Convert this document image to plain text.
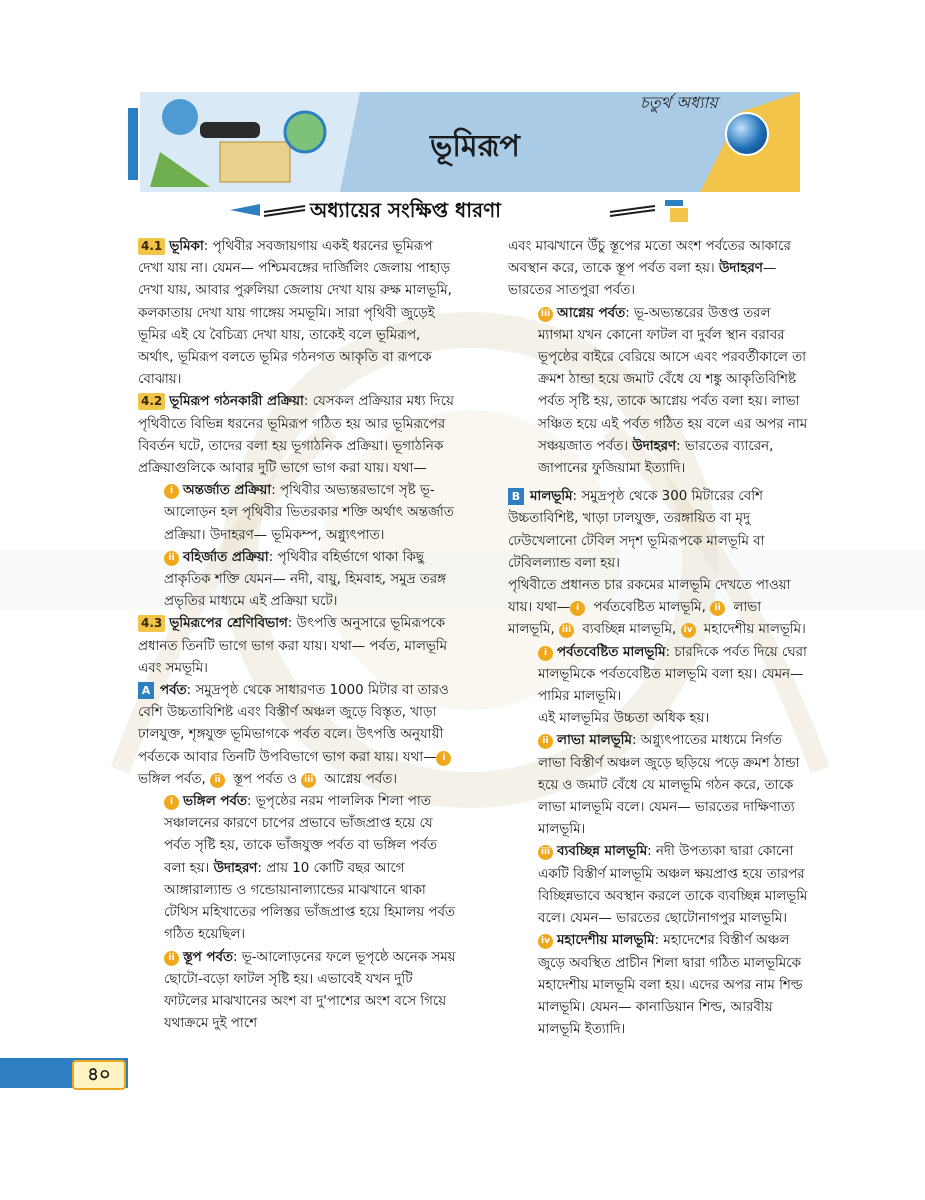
চতুর্থ অধ্যায়
ভূমিরূপ
অধ্যায়ের সংক্ষিপ্ত ধারণা

4.1 ভূমিকা: পৃথিবীর সবজায়গায় একই ধরনের ভূমিরূপ দেখা যায় না। যেমন— পশ্চিমবঙ্গের দার্জিলিং জেলায় পাহাড় দেখা যায়, আবার পুরুলিয়া জেলায় দেখা যায় রুক্ষ মালভূমি, কলকাতায় দেখা যায় গাঙ্গেয় সমভূমি। সারা পৃথিবী জুড়েই ভূমির এই যে বৈচিত্র্য দেখা যায়, তাকেই বলে ভূমিরূপ, অর্থাৎ, ভূমিরূপ বলতে ভূমির গঠনগত আকৃতি বা রূপকে বোঝায়।

4.2 ভূমিরূপ গঠনকারী প্রক্রিয়া: যেসকল প্রক্রিয়ার মধ্য দিয়ে পৃথিবীতে বিভিন্ন ধরনের ভূমিরূপ গঠিত হয় আর ভূমিরূপের বিবর্তন ঘটে, তাদের বলা হয় ভূগাঠনিক প্রক্রিয়া। ভূগাঠনিক প্রক্রিয়াগুলিকে আবার দুটি ভাগে ভাগ করা যায়। যথা—

i অন্তর্জাত প্রক্রিয়া: পৃথিবীর অভ্যন্তরভাগে সৃষ্ট ভূ-আলোড়ন হল পৃথিবীর ভিতরকার শক্তি অর্থাৎ অন্তর্জাত প্রক্রিয়া। উদাহরণ— ভূমিকম্প, অগ্ন্যুৎপাত।

ii বহির্জাত প্রক্রিয়া: পৃথিবীর বহির্ভাগে থাকা কিছু প্রাকৃতিক শক্তি যেমন— নদী, বায়ু, হিমবাহ, সমুদ্র তরঙ্গ প্রভৃতির মাধ্যমে এই প্রক্রিয়া ঘটে।

4.3 ভূমিরূপের শ্রেণিবিভাগ: উৎপত্তি অনুসারে ভূমিরূপকে প্রধানত তিনটি ভাগে ভাগ করা যায়। যথা— পর্বত, মালভূমি এবং সমভূমি।

A পর্বত: সমুদ্রপৃষ্ঠ থেকে সাধারণত 1000 মিটার বা তারও বেশি উচ্চতাবিশিষ্ট এবং বিস্তীর্ণ অঞ্চল জুড়ে বিস্তৃত, খাড়া ঢালযুক্ত, শৃঙ্গযুক্ত ভূমিভাগকে পর্বত বলে। উৎপত্তি অনুযায়ী পর্বতকে আবার তিনটি উপবিভাগে ভাগ করা যায়। যথা— i ভঙ্গিল পর্বত, ii স্তূপ পর্বত ও iii আগ্নেয় পর্বত।

i ভঙ্গিল পর্বত: ভূপৃষ্ঠের নরম পাললিক শিলা পাত সঞ্চালনের কারণে চাপের প্রভাবে ভাঁজপ্রাপ্ত হয়ে যে পর্বত সৃষ্টি হয়, তাকে ভাঁজযুক্ত পর্বত বা ভঙ্গিল পর্বত বলা হয়। উদাহরণ: প্রায় 10 কোটি বছর আগে আঙ্গারাল্যান্ড ও গন্ডোয়ানাল্যান্ডের মাঝখানে থাকা টেথিস মহিখাতের পলিস্তর ভাঁজপ্রাপ্ত হয়ে হিমালয় পর্বত গঠিত হয়েছিল।

ii স্তূপ পর্বত: ভূ-আলোড়নের ফলে ভূপৃষ্ঠে অনেক সময় ছোটো-বড়ো ফাটল সৃষ্টি হয়। এভাবেই যখন দুটি ফাটলের মাঝখানের অংশ বা দু'পাশের অংশ বসে গিয়ে যথাক্রমে দুই পাশে

এবং মাঝখানে উঁচু স্তূপের মতো অংশ পর্বতের আকারে অবস্থান করে, তাকে স্তূপ পর্বত বলা হয়। উদাহরণ— ভারতের সাতপুরা পর্বত।

iii আগ্নেয় পর্বত: ভূ-অভ্যন্তরের উত্তপ্ত তরল ম্যাগমা যখন কোনো ফাটল বা দুর্বল স্থান বরাবর ভূপৃষ্ঠের বাইরে বেরিয়ে আসে এবং পরবর্তীকালে তা ক্রমশ ঠান্ডা হয়ে জমাট বেঁধে যে শঙ্কু আকৃতিবিশিষ্ট পর্বত সৃষ্টি হয়, তাকে আগ্নেয় পর্বত বলা হয়। লাভা সঞ্চিত হয়ে এই পর্বত গঠিত হয় বলে এর অপর নাম সঞ্চয়জাত পর্বত। উদাহরণ: ভারতের ব্যারেন, জাপানের ফুজিয়ামা ইত্যাদি।

B মালভূমি: সমুদ্রপৃষ্ঠ থেকে 300 মিটারের বেশি উচ্চতাবিশিষ্ট, খাড়া ঢালযুক্ত, তরঙ্গায়িত বা মৃদু ঢেউখেলানো টেবিল সদৃশ ভূমিরূপকে মালভূমি বা টেবিলল্যান্ড বলা হয়।

পৃথিবীতে প্রধানত চার রকমের মালভূমি দেখতে পাওয়া যায়। যথা— i পর্বতবেষ্টিত মালভূমি, ii লাভা মালভূমি, iii ব্যবচ্ছিন্ন মালভূমি, iv মহাদেশীয় মালভূমি।

i পর্বতবেষ্টিত মালভূমি: চারদিকে পর্বত দিয়ে ঘেরা মালভূমিকে পর্বতবেষ্টিত মালভূমি বলা হয়। যেমন— পামির মালভূমি।
এই মালভূমির উচ্চতা অধিক হয়।

ii লাভা মালভূমি: অগ্ন্যুৎপাতের মাধ্যমে নির্গত লাভা বিস্তীর্ণ অঞ্চল জুড়ে ছড়িয়ে পড়ে ক্রমশ ঠান্ডা হয়ে ও জমাট বেঁধে যে মালভূমি গঠন করে, তাকে লাভা মালভূমি বলে। যেমন— ভারতের দাক্ষিণাত্য মালভূমি।

iii ব্যবচ্ছিন্ন মালভূমি: নদী উপত্যকা দ্বারা কোনো একটি বিস্তীর্ণ মালভূমি অঞ্চল ক্ষয়প্রাপ্ত হয়ে তারপর বিচ্ছিন্নভাবে অবস্থান করলে তাকে ব্যবচ্ছিন্ন মালভূমি বলে। যেমন— ভারতের ছোটোনাগপুর মালভূমি।

iv মহাদেশীয় মালভূমি: মহাদেশের বিস্তীর্ণ অঞ্চল জুড়ে অবস্থিত প্রাচীন শিলা দ্বারা গঠিত মালভূমিকে মহাদেশীয় মালভূমি বলা হয়। এদের অপর নাম শিল্ড মালভূমি। যেমন— কানাডিয়ান শিল্ড, আরবীয় মালভূমি ইত্যাদি।

৪০
